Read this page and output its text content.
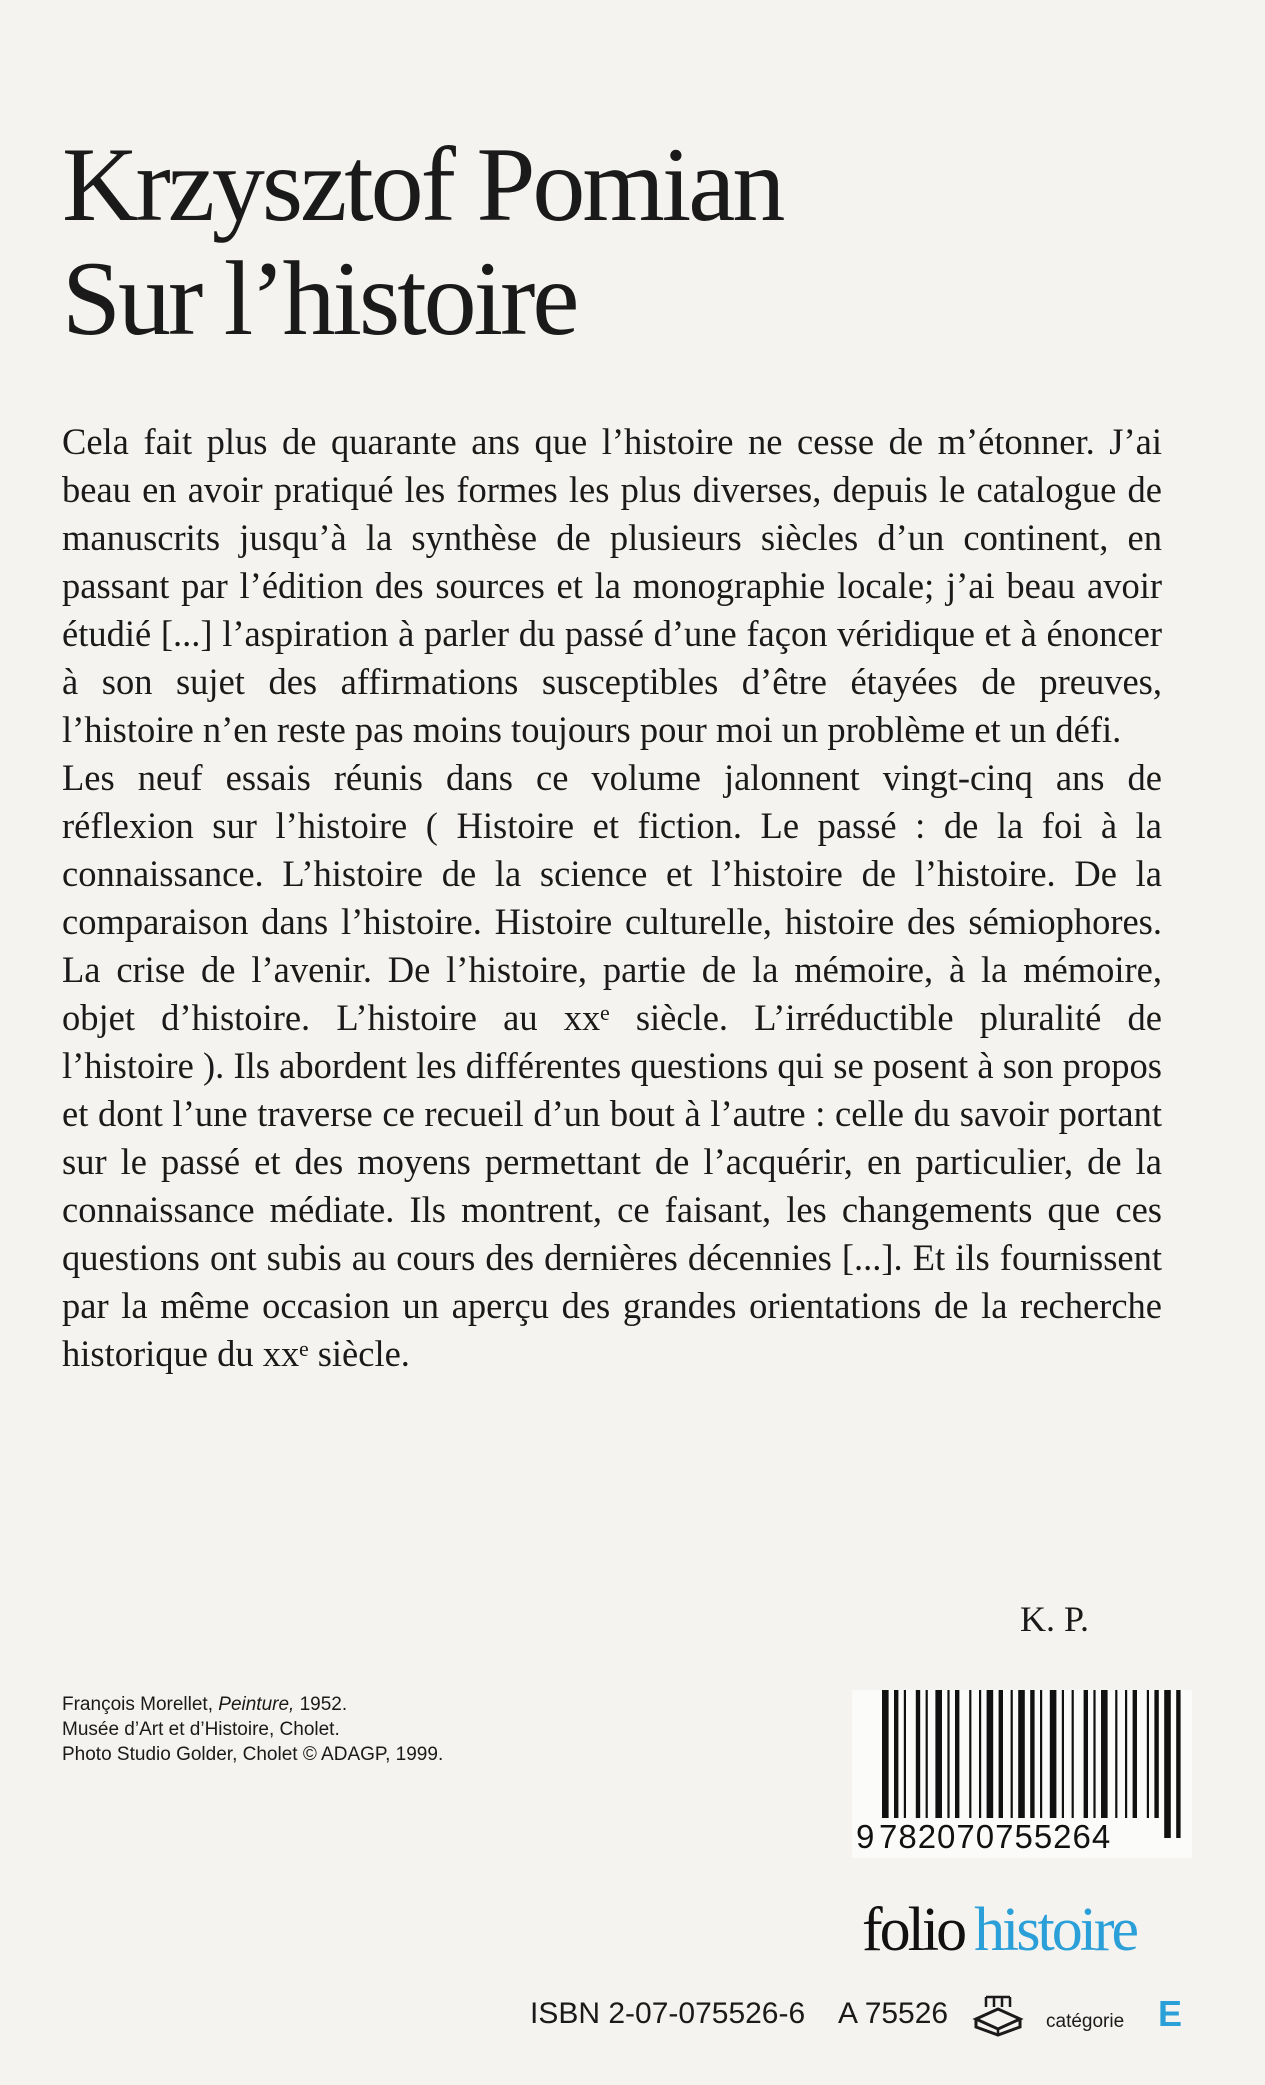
Krzysztof Pomian
Sur l’histoire

Cela fait plus de quarante ans que l’histoire ne cesse de m’étonner. J’ai beau en avoir pratiqué les formes les plus diverses, depuis le catalogue de manuscrits jusqu’à la synthèse de plusieurs siècles d’un continent, en passant par l’édition des sources et la monographie locale; j’ai beau avoir étudié [...] l’aspiration à parler du passé d’une façon véridique et à énoncer à son sujet des affirmations susceptibles d’être étayées de preuves, l’histoire n’en reste pas moins toujours pour moi un problème et un défi.

Les neuf essais réunis dans ce volume jalonnent vingt-cinq ans de réflexion sur l’histoire ( Histoire et fiction. Le passé : de la foi à la connaissance. L’histoire de la science et l’histoire de l’histoire. De la comparaison dans l’histoire. Histoire culturelle, histoire des sémiophores. La crise de l’avenir. De l’histoire, partie de la mémoire, à la mémoire, objet d’histoire. L’histoire au xxᵉ siècle. L’irréductible pluralité de l’histoire ). Ils abordent les différentes questions qui se posent à son propos et dont l’une traverse ce recueil d’un bout à l’autre : celle du savoir portant sur le passé et des moyens permettant de l’acquérir, en particulier, de la connaissance médiate. Ils montrent, ce faisant, les changements que ces questions ont subis au cours des dernières décennies [...]. Et ils fournissent par la même occasion un aperçu des grandes orientations de la recherche historique du xxᵉ siècle.

K. P.
François Morellet, Peinture, 1952.
Musée d’Art et d’Histoire, Cholet.
Photo Studio Golder, Cholet © ADAGP, 1999.
9 782070755264
folio histoire
ISBN 2-07-075526-6 A 75526	catégorie E
